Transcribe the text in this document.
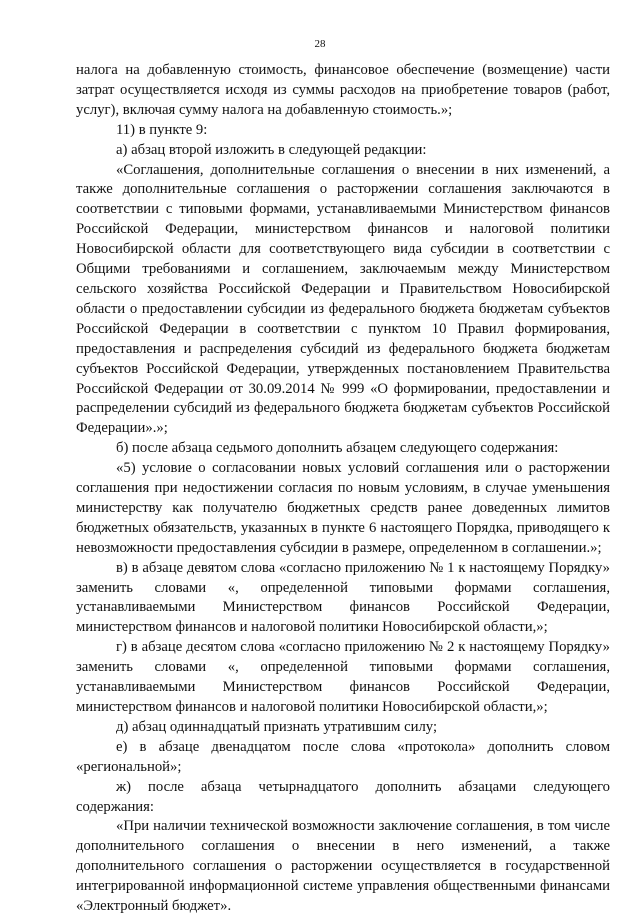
28

налога на добавленную стоимость, финансовое обеспечение (возмещение) части затрат осуществляется исходя из суммы расходов на приобретение товаров (работ, услуг), включая сумму налога на добавленную стоимость.»;

11) в пункте 9:

а) абзац второй изложить в следующей редакции:

«Соглашения, дополнительные соглашения о внесении в них изменений, а также дополнительные соглашения о расторжении соглашения заключаются в соответствии с типовыми формами, устанавливаемыми Министерством финансов Российской Федерации, министерством финансов и налоговой политики Новосибирской области для соответствующего вида субсидии в соответствии с Общими требованиями и соглашением, заключаемым между Министерством сельского хозяйства Российской Федерации и Правительством Новосибирской области о предоставлении субсидии из федерального бюджета бюджетам субъектов Российской Федерации в соответствии с пунктом 10 Правил формирования, предоставления и распределения субсидий из федерального бюджета бюджетам субъектов Российской Федерации, утвержденных постановлением Правительства Российской Федерации от 30.09.2014 № 999 «О формировании, предоставлении и распределении субсидий из федерального бюджета бюджетам субъектов Российской Федерации».»;

б) после абзаца седьмого дополнить абзацем следующего содержания:

«5) условие о согласовании новых условий соглашения или о расторжении соглашения при недостижении согласия по новым условиям, в случае уменьшения министерству как получателю бюджетных средств ранее доведенных лимитов бюджетных обязательств, указанных в пункте 6 настоящего Порядка, приводящего к невозможности предоставления субсидии в размере, определенном в соглашении.»;

в) в абзаце девятом слова «согласно приложению № 1 к настоящему Порядку» заменить словами «, определенной типовыми формами соглашения, устанавливаемыми Министерством финансов Российской Федерации, министерством финансов и налоговой политики Новосибирской области,»;

г) в абзаце десятом слова «согласно приложению № 2 к настоящему Порядку» заменить словами «, определенной типовыми формами соглашения, устанавливаемыми Министерством финансов Российской Федерации, министерством финансов и налоговой политики Новосибирской области,»;

д) абзац одиннадцатый признать утратившим силу;

е) в абзаце двенадцатом после слова «протокола» дополнить словом «региональной»;

ж) после абзаца четырнадцатого дополнить абзацами следующего содержания:

«При наличии технической возможности заключение соглашения, в том числе дополнительного соглашения о внесении в него изменений, а также дополнительного соглашения о расторжении осуществляется в государственной интегрированной информационной системе управления общественными финансами «Электронный бюджет».
